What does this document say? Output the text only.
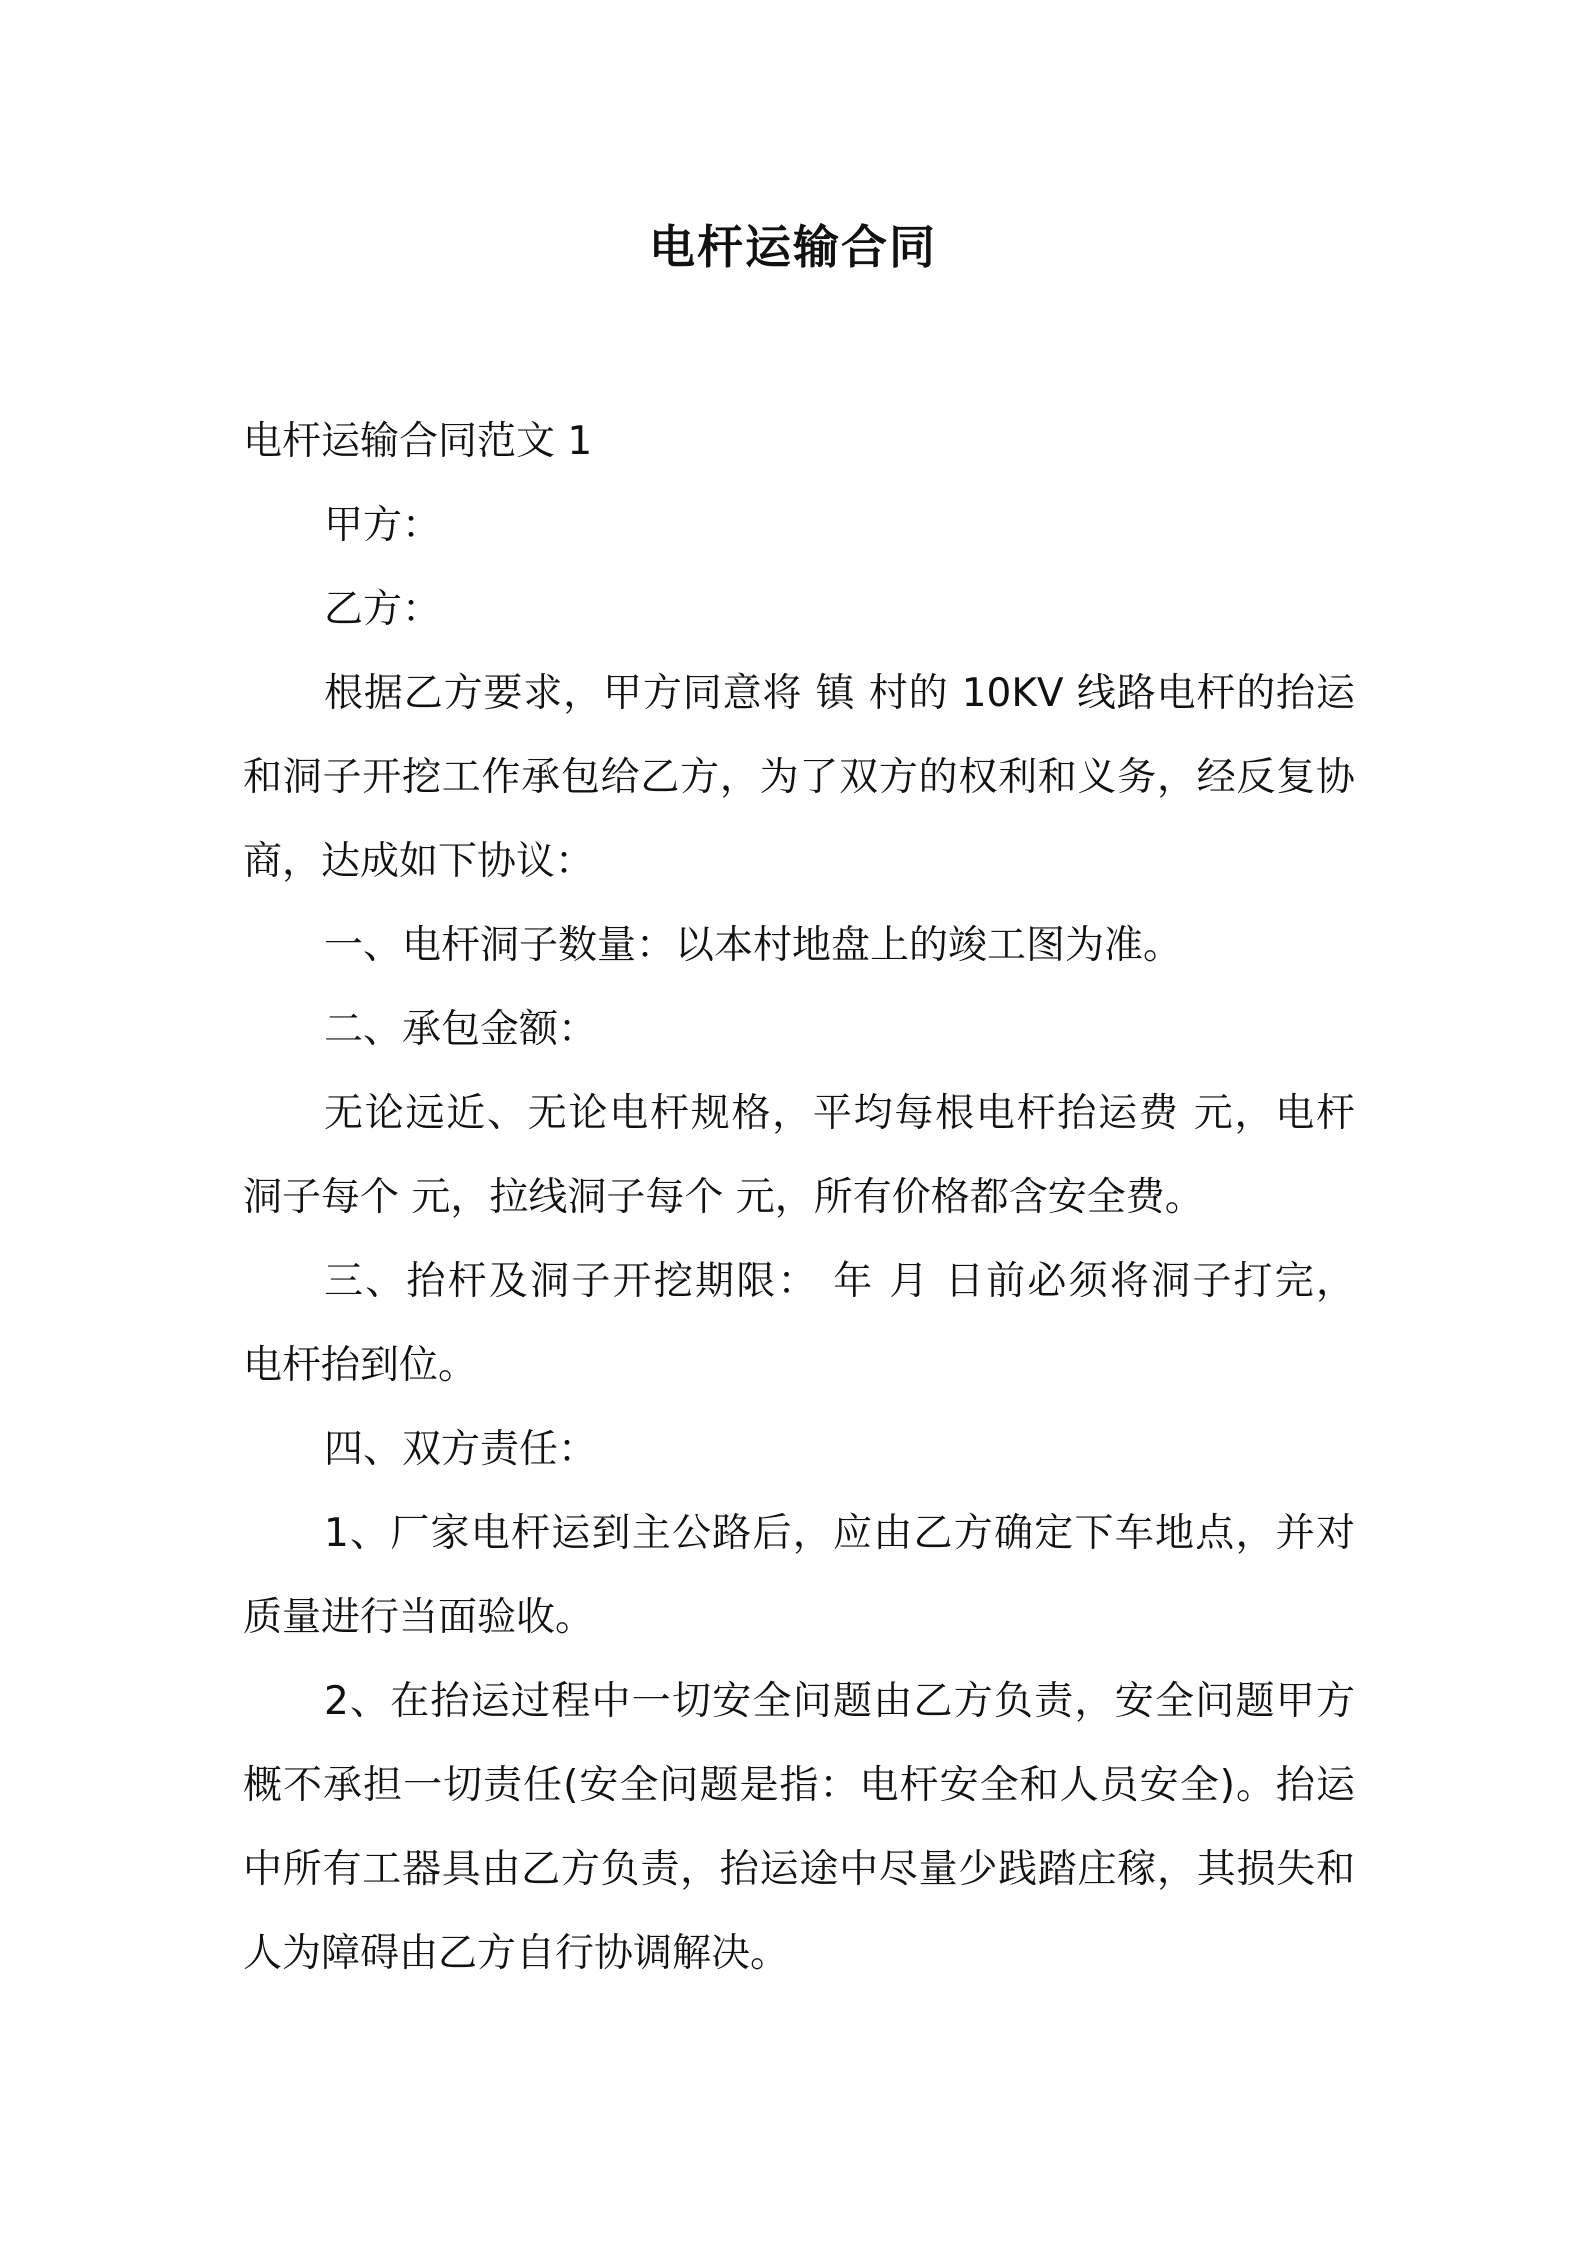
电杆运输合同

电杆运输合同范文 1

甲方：

乙方：

根据乙方要求，甲方同意将 镇 村的 10KV 线路电杆的抬运

和洞子开挖工作承包给乙方，为了双方的权利和义务，经反复协

商，达成如下协议：

一、电杆洞子数量：以本村地盘上的竣工图为准。

二、承包金额：

无论远近、无论电杆规格，平均每根电杆抬运费 元，电杆

洞子每个 元，拉线洞子每个 元，所有价格都含安全费。

三、抬杆及洞子开挖期限： 年 月 日前必须将洞子打完，

电杆抬到位。

四、双方责任：

1、厂家电杆运到主公路后，应由乙方确定下车地点，并对

质量进行当面验收。

2、在抬运过程中一切安全问题由乙方负责，安全问题甲方

概不承担一切责任(安全问题是指：电杆安全和人员安全)。抬运

中所有工器具由乙方负责，抬运途中尽量少践踏庄稼，其损失和

人为障碍由乙方自行协调解决。
